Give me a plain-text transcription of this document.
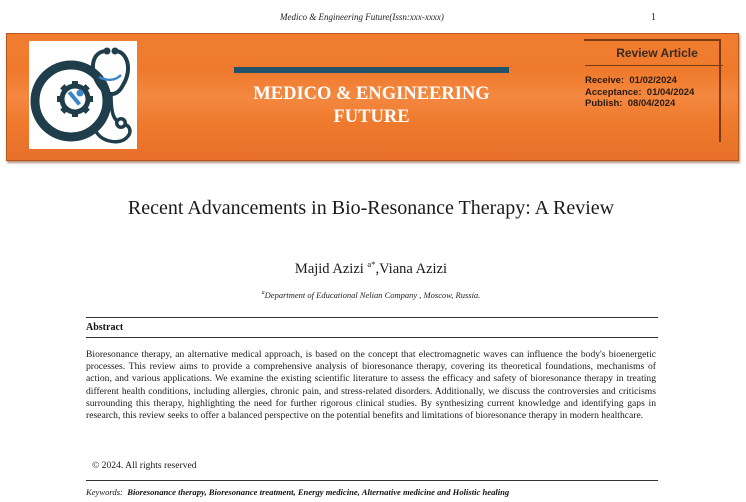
Medico & Engineering Future(Issn:xxx-xxxx)	1
MEDICO & ENGINEERING
FUTURE
Review Article
Receive: 01/02/2024
Acceptance: 01/04/2024
Publish: 08/04/2024
Recent Advancements in Bio-Resonance Therapy: A Review
Majid Azizi $^{a*}$,Viana Azizi
$^a$Department of Educational Nelian Company , Moscow, Russia.
Abstract
Bioresonance therapy, an alternative medical approach, is based on the concept that electromagnetic waves can influence the body's bioenergetic processes. This review aims to provide a comprehensive analysis of bioresonance therapy, covering its theoretical foundations, mechanisms of action, and various applications. We examine the existing scientific literature to assess the efficacy and safety of bioresonance therapy in treating different health conditions, including allergies, chronic pain, and stress-related disorders. Additionally, we discuss the controversies and criticisms surrounding this therapy, highlighting the need for further rigorous clinical studies. By synthesizing current knowledge and identifying gaps in research, this review seeks to offer a balanced perspective on the potential benefits and limitations of bioresonance therapy in modern healthcare.
© 2024. All rights reserved
Keywords: Bioresonance therapy, Bioresonance treatment, Energy medicine, Alternative medicine and Holistic healing
